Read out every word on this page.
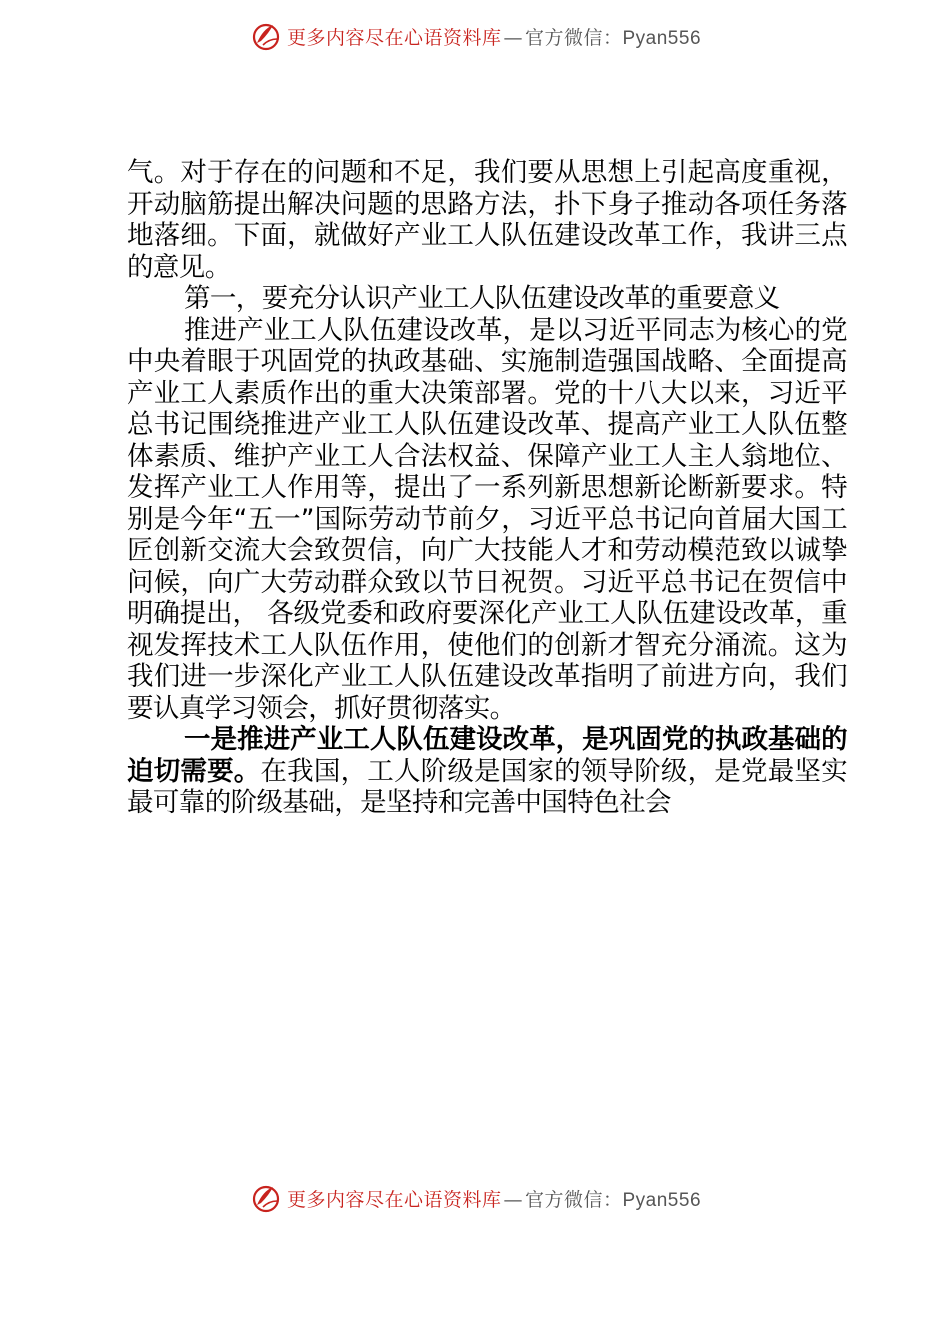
更多内容尽在心语资料库 — 官方微信：Pyan556

气。对于存在的问题和不足，我们要从思想上引起高度重视，开动脑筋提出解决问题的思路方法，扑下身子推动各项任务落地落细。下面，就做好产业工人队伍建设改革工作，我讲三点的意见。

第一，要充分认识产业工人队伍建设改革的重要意义

推进产业工人队伍建设改革，是以习近平同志为核心的党中央着眼于巩固党的执政基础、实施制造强国战略、全面提高产业工人素质作出的重大决策部署。党的十八大以来，习近平总书记围绕推进产业工人队伍建设改革、提高产业工人队伍整体素质、维护产业工人合法权益、保障产业工人主人翁地位、发挥产业工人作用等，提出了一系列新思想新论断新要求。特别是今年“五一”国际劳动节前夕，习近平总书记向首届大国工匠创新交流大会致贺信，向广大技能人才和劳动模范致以诚挚问候，向广大劳动群众致以节日祝贺。习近平总书记在贺信中明确提出， 各级党委和政府要深化产业工人队伍建设改革，重视发挥技术工人队伍作用，使他们的创新才智充分涌流。这为我们进一步深化产业工人队伍建设改革指明了前进方向，我们要认真学习领会，抓好贯彻落实。

一是推进产业工人队伍建设改革，是巩固党的执政基础的迫切需要。在我国，工人阶级是国家的领导阶级，是党最坚实最可靠的阶级基础，是坚持和完善中国特色社会

更多内容尽在心语资料库 — 官方微信：Pyan556
